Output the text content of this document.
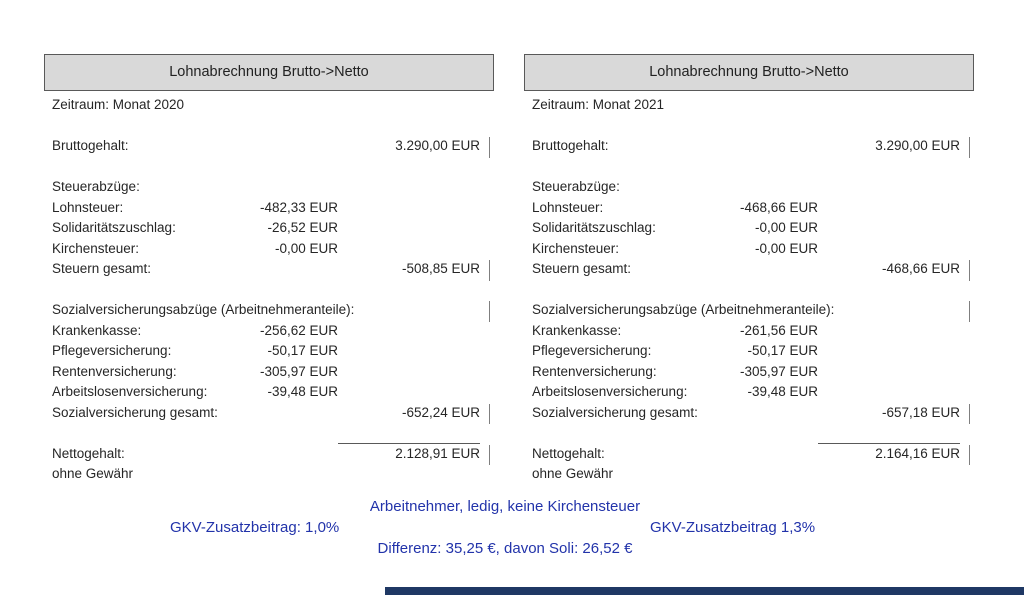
Lohnabrechnung Brutto->Netto
Zeitraum: Monat 2020
Bruttogehalt:	3.290,00 EUR
Steuerabzüge:
Lohnsteuer:	-482,33 EUR
Solidaritätszuschlag:	-26,52 EUR
Kirchensteuer:	-0,00 EUR
Steuern gesamt:	-508,85 EUR
Sozialversicherungsabzüge (Arbeitnehmeranteile):
Krankenkasse:	-256,62 EUR
Pflegeversicherung:	-50,17 EUR
Rentenversicherung:	-305,97 EUR
Arbeitslosenversicherung:	-39,48 EUR
Sozialversicherung gesamt:	-652,24 EUR
Nettogehalt:	2.128,91 EUR
ohne Gewähr
Lohnabrechnung Brutto->Netto
Zeitraum: Monat 2021
Bruttogehalt:	3.290,00 EUR
Steuerabzüge:
Lohnsteuer:	-468,66 EUR
Solidaritätszuschlag:	-0,00 EUR
Kirchensteuer:	-0,00 EUR
Steuern gesamt:	-468,66 EUR
Sozialversicherungsabzüge (Arbeitnehmeranteile):
Krankenkasse:	-261,56 EUR
Pflegeversicherung:	-50,17 EUR
Rentenversicherung:	-305,97 EUR
Arbeitslosenversicherung:	-39,48 EUR
Sozialversicherung gesamt:	-657,18 EUR
Nettogehalt:	2.164,16 EUR
ohne Gewähr
Arbeitnehmer, ledig, keine Kirchensteuer
GKV-Zusatzbeitrag: 1,0%	GKV-Zusatzbeitrag 1,3%
Differenz: 35,25 €, davon Soli: 26,52 €
